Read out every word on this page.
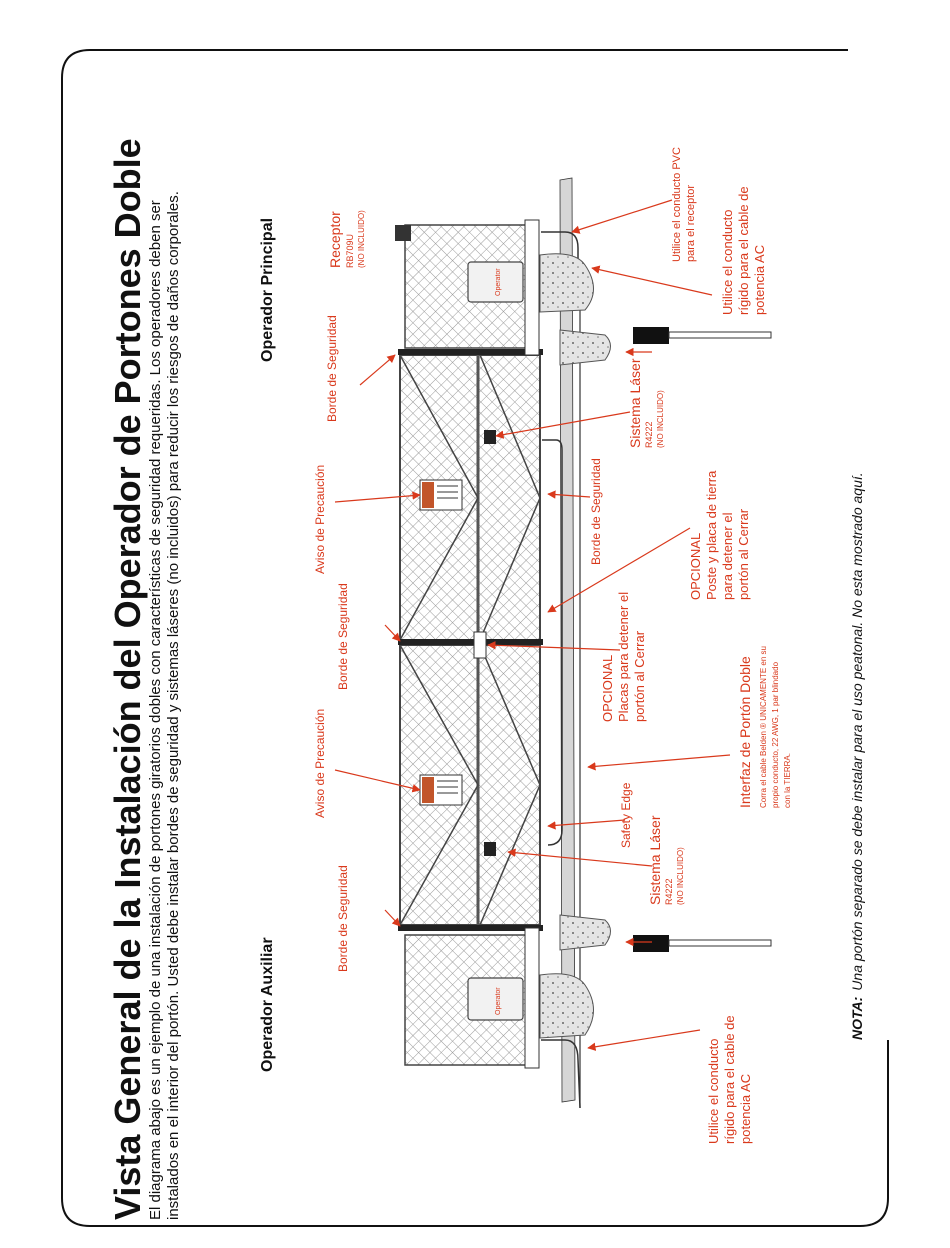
Vista General de la Instalación del Operador de Portones Doble El diagrama abajo es un ejemplo de una instalación de portones giratorios dobles con características de seguridad requeridas. Los operadores deben ser instalados en el interior del portón. Usted debe instalar bordes de seguridad y sistemas láseres (no incluidos) para reducir los riesgos de daños corporales.	Operador Principal
Operador Auxiliar
Operator
Operator
Receptor RB709U (NO INCLUIDO)	Utilice el conducto PVC para el receptor Utilice el conducto rígido para el cable de potencia AC
Borde de Seguridad
Aviso de Precaución
Borde de Seguridad
Aviso de Precaución
Borde de Seguridad
Sistema Láser R4222 (NO INCLUIDO)
Borde de Seguridad
OPCIONAL Poste y placa de tierra para detener el portón al Cerrar
OPCIONAL Placas para detener el portón al Cerrar	Interfaz de Portón Doble Corra el cable Belden ® UNICAMENTE en su propio conducto, 22 AWG, 1 par blindado con la TIERRA.
Safety Edge
Sistema Láser R4222 (NO INCLUIDO)
Utilice el conducto rígido para el cable de potencia AC
NOTA:Una portón separado se debe instalar para el uso peatonal. No esta mostrado aquí.
